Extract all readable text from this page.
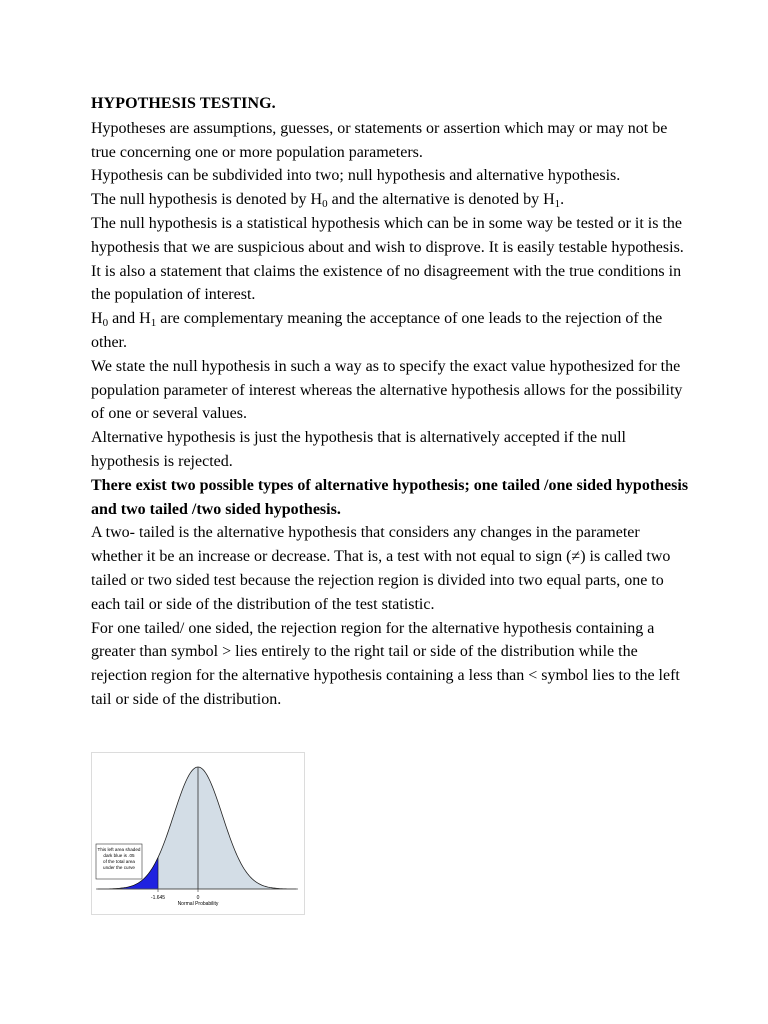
HYPOTHESIS TESTING.

Hypotheses are assumptions, guesses, or statements or assertion which may or may not be true concerning one or more population parameters.

Hypothesis can be subdivided into two; null hypothesis and alternative hypothesis.

The null hypothesis is denoted by $H_0$ and the alternative is denoted by $H_1$.

The null hypothesis is a statistical hypothesis which can be in some way be tested or it is the hypothesis that we are suspicious about and wish to disprove. It is easily testable hypothesis. It is also a statement that claims the existence of no disagreement with the true conditions in the population of interest.

$H_0$ and $H_1$ are complementary meaning the acceptance of one leads to the rejection of the other.

We state the null hypothesis in such a way as to specify the exact value hypothesized for the population parameter of interest whereas the alternative hypothesis allows for the possibility of one or several values.

Alternative hypothesis is just the hypothesis that is alternatively accepted if the null hypothesis is rejected.

There exist two possible types of alternative hypothesis; one tailed /one sided hypothesis and two tailed /two sided hypothesis.

A two- tailed is the alternative hypothesis that considers any changes in the parameter whether it be an increase or decrease. That is, a test with not equal to sign (≠) is called two tailed or two sided test because the rejection region is divided into two equal parts, one to each tail or side of the distribution of the test statistic.

For one tailed/ one sided, the rejection region for the alternative hypothesis containing a greater than symbol > lies entirely to the right tail or side of the distribution while the rejection region for the alternative hypothesis containing a less than < symbol lies to the left tail or side of the distribution.

This left area shaded
dark blue is .05
of the total area
under the curve
-1.645	0
Normal Probability
